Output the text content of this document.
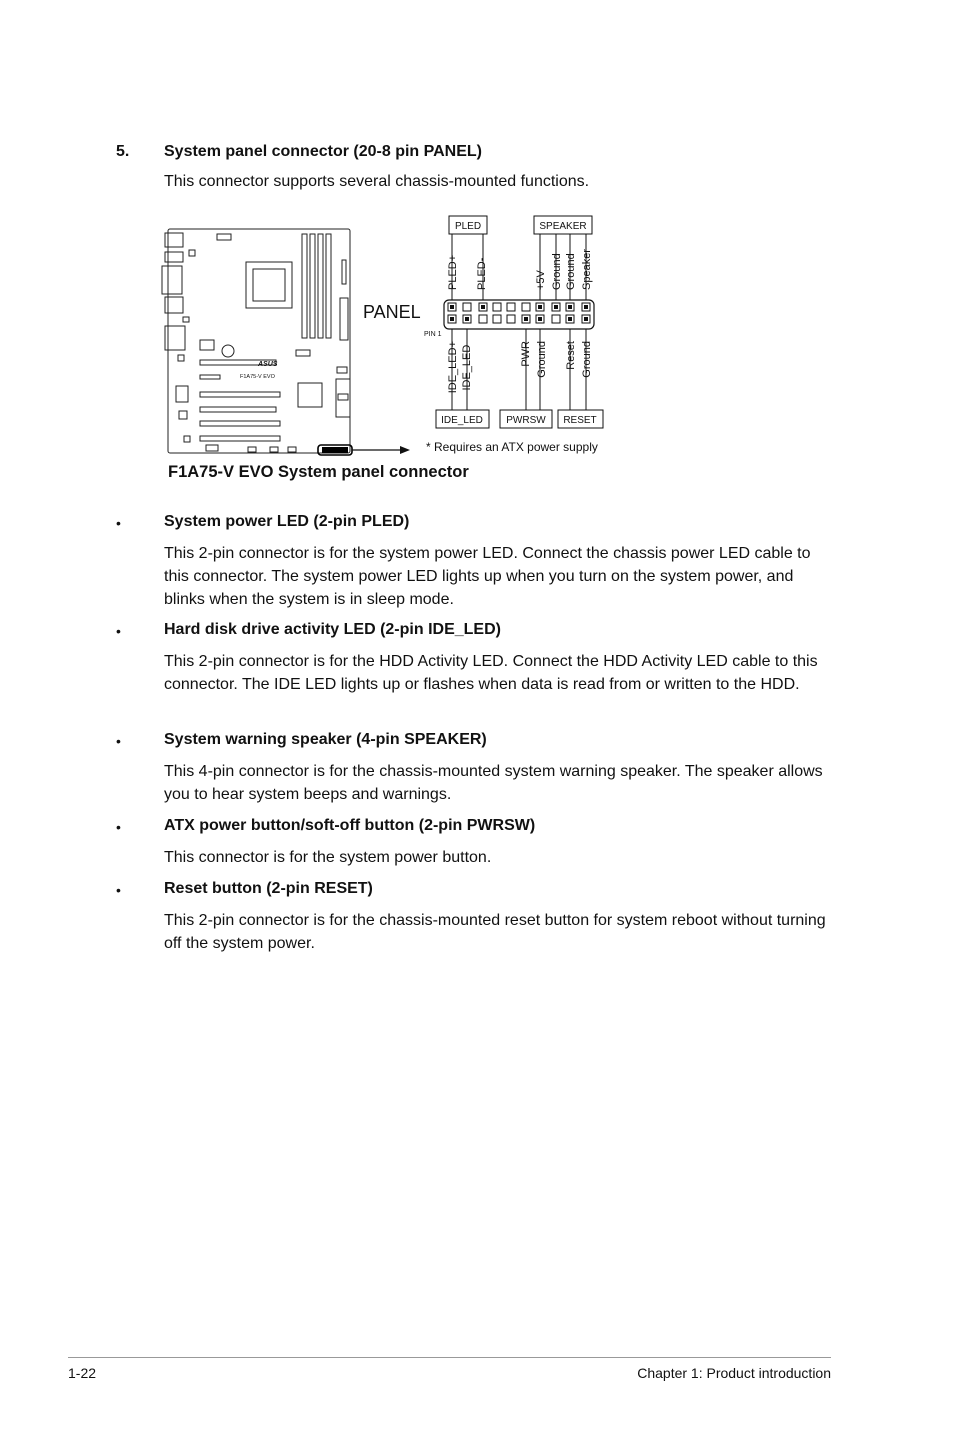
5. System panel connector (20-8 pin PANEL)
This connector supports several chassis-mounted functions.
ASUS
F1A75-V EVO
PANEL
PIN 1
PLED	SPEAKER
IDE_LED PWRSW RESET
PLED+ PLED-	+5V Ground Ground Speaker
IDE_LED+ IDE_LED-	PWR Ground Reset Ground
* Requires an ATX power supply
F1A75-V EVO System panel connector
•	System power LED (2-pin PLED)
This 2-pin connector is for the system power LED. Connect the chassis power LED cable to this connector. The system power LED lights up when you turn on the system power, and blinks when the system is in sleep mode.
•	Hard disk drive activity LED (2-pin IDE_LED)
This 2-pin connector is for the HDD Activity LED. Connect the HDD Activity LED cable to this connector. The IDE LED lights up or flashes when data is read from or written to the HDD.
•	System warning speaker (4-pin SPEAKER)
This 4-pin connector is for the chassis-mounted system warning speaker. The speaker allows you to hear system beeps and warnings.
•	ATX power button/soft-off button (2-pin PWRSW)
This connector is for the system power button.
•	Reset button (2-pin RESET)
This 2-pin connector is for the chassis-mounted reset button for system reboot without turning off the system power.
1-22	Chapter 1: Product introduction
